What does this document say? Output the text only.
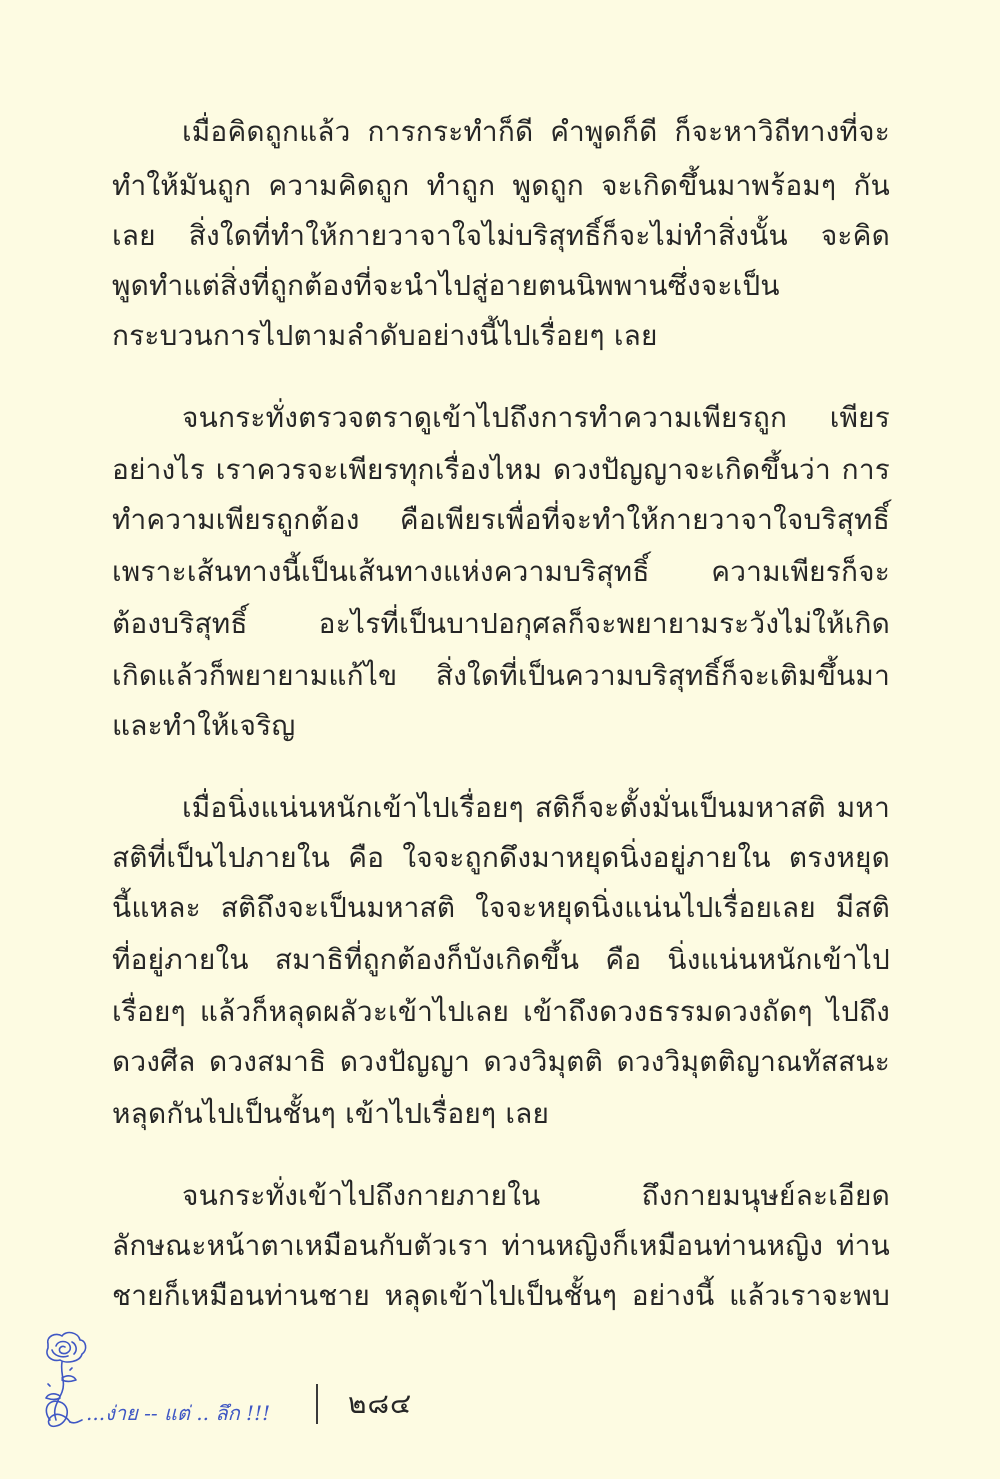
เมื่อคิดถูกแล้ว การกระทำก็ดี คำพูดก็ดี ก็จะหาวิถีทางที่จะ
ทำให้มันถูก ความคิดถูก ทำถูก พูดถูก จะเกิดขึ้นมาพร้อมๆ กัน
เลย สิ่งใดที่ทำให้กายวาจาใจไม่บริสุทธิ์ก็จะไม่ทำสิ่งนั้น จะคิด
พูดทำแต่สิ่งที่ถูกต้องที่จะนำไปสู่อายตนนิพพานซึ่งจะเป็น
กระบวนการไปตามลำดับอย่างนี้ไปเรื่อยๆ เลย
จนกระทั่งตรวจตราดูเข้าไปถึงการทำความเพียรถูก เพียร
อย่างไร เราควรจะเพียรทุกเรื่องไหม ดวงปัญญาจะเกิดขึ้นว่า การ
ทำความเพียรถูกต้อง คือเพียรเพื่อที่จะทำให้กายวาจาใจบริสุทธิ์
เพราะเส้นทางนี้เป็นเส้นทางแห่งความบริสุทธิ์ ความเพียรก็จะ
ต้องบริสุทธิ์ อะไรที่เป็นบาปอกุศลก็จะพยายามระวังไม่ให้เกิด
เกิดแล้วก็พยายามแก้ไข สิ่งใดที่เป็นความบริสุทธิ์ก็จะเติมขึ้นมา
และทำให้เจริญ
เมื่อนิ่งแน่นหนักเข้าไปเรื่อยๆ สติก็จะตั้งมั่นเป็นมหาสติ มหา
สติที่เป็นไปภายใน คือ ใจจะถูกดึงมาหยุดนิ่งอยู่ภายใน ตรงหยุด
นี้แหละ สติถึงจะเป็นมหาสติ ใจจะหยุดนิ่งแน่นไปเรื่อยเลย มีสติ
ที่อยู่ภายใน สมาธิที่ถูกต้องก็บังเกิดขึ้น คือ นิ่งแน่นหนักเข้าไป
เรื่อยๆ แล้วก็หลุดผลัวะเข้าไปเลย เข้าถึงดวงธรรมดวงถัดๆ ไปถึง
ดวงศีล ดวงสมาธิ ดวงปัญญา ดวงวิมุตติ ดวงวิมุตติญาณทัสสนะ
หลุดกันไปเป็นชั้นๆ เข้าไปเรื่อยๆ เลย
จนกระทั่งเข้าไปถึงกายภายใน ถึงกายมนุษย์ละเอียด
ลักษณะหน้าตาเหมือนกับตัวเรา ท่านหญิงก็เหมือนท่านหญิง ท่าน
ชายก็เหมือนท่านชาย หลุดเข้าไปเป็นชั้นๆ อย่างนี้ แล้วเราจะพบ
...ง่าย -- แต่ .. ลึก !!!	๒๘๔
